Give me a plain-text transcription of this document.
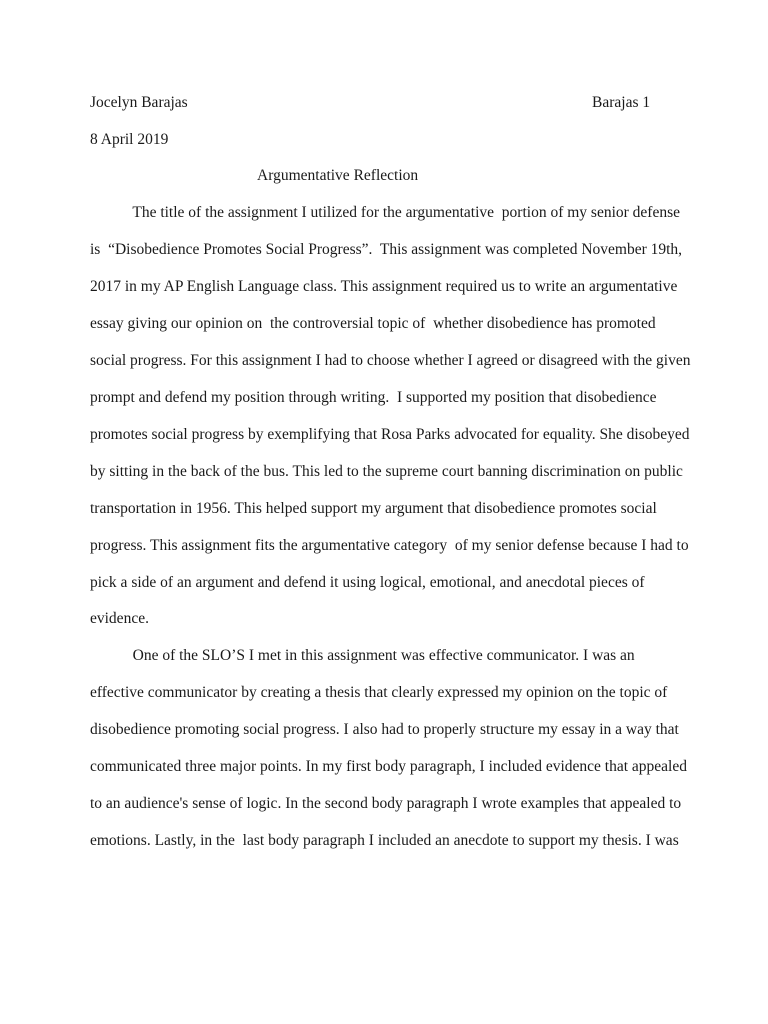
Jocelyn Barajas	Barajas 1
8 April 2019
Argumentative Reflection
The title of the assignment I utilized for the argumentative  portion of my senior defense
is  “Disobedience Promotes Social Progress”.  This assignment was completed November 19th,
2017 in my AP English Language class. This assignment required us to write an argumentative
essay giving our opinion on  the controversial topic of  whether disobedience has promoted
social progress. For this assignment I had to choose whether I agreed or disagreed with the given
prompt and defend my position through writing.  I supported my position that disobedience
promotes social progress by exemplifying that Rosa Parks advocated for equality. She disobeyed
by sitting in the back of the bus. This led to the supreme court banning discrimination on public
transportation in 1956. This helped support my argument that disobedience promotes social
progress. This assignment fits the argumentative category  of my senior defense because I had to
pick a side of an argument and defend it using logical, emotional, and anecdotal pieces of
evidence.
One of the SLO’S I met in this assignment was effective communicator. I was an
effective communicator by creating a thesis that clearly expressed my opinion on the topic of
disobedience promoting social progress. I also had to properly structure my essay in a way that
communicated three major points. In my first body paragraph, I included evidence that appealed
to an audience's sense of logic. In the second body paragraph I wrote examples that appealed to
emotions. Lastly, in the  last body paragraph I included an anecdote to support my thesis. I was
